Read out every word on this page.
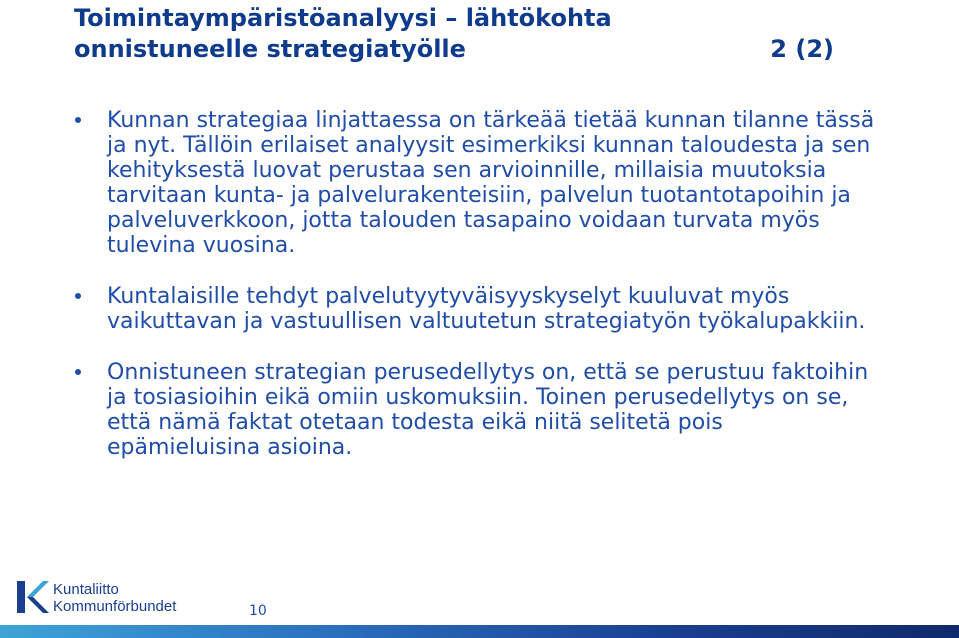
Toimintaympäristöanalyysi – lähtökohta
onnistuneelle strategiatyölle	2 (2)
Kunnan strategiaa linjattaessa on tärkeää tietää kunnan tilanne tässä ja nyt. Tällöin erilaiset analyysit esimerkiksi kunnan taloudesta ja sen kehityksestä luovat perustaa sen arvioinnille, millaisia muutoksia tarvitaan kunta- ja palvelurakenteisiin, palvelun tuotantotapoihin ja palveluverkkoon, jotta talouden tasapaino voidaan turvata myös tulevina vuosina.
Kuntalaisille tehdyt palvelutyytyväisyyskyselyt kuuluvat myös vaikuttavan ja vastuullisen valtuutetun strategiatyön työkalupakkiin.
Onnistuneen strategian perusedellytys on, että se perustuu faktoihin ja tosiasioihin eikä omiin uskomuksiin. Toinen perusedellytys on se, että nämä faktat otetaan todesta eikä niitä selitetä pois epämieluisina asioina.
Kuntaliitto
Kommunförbundet	10
